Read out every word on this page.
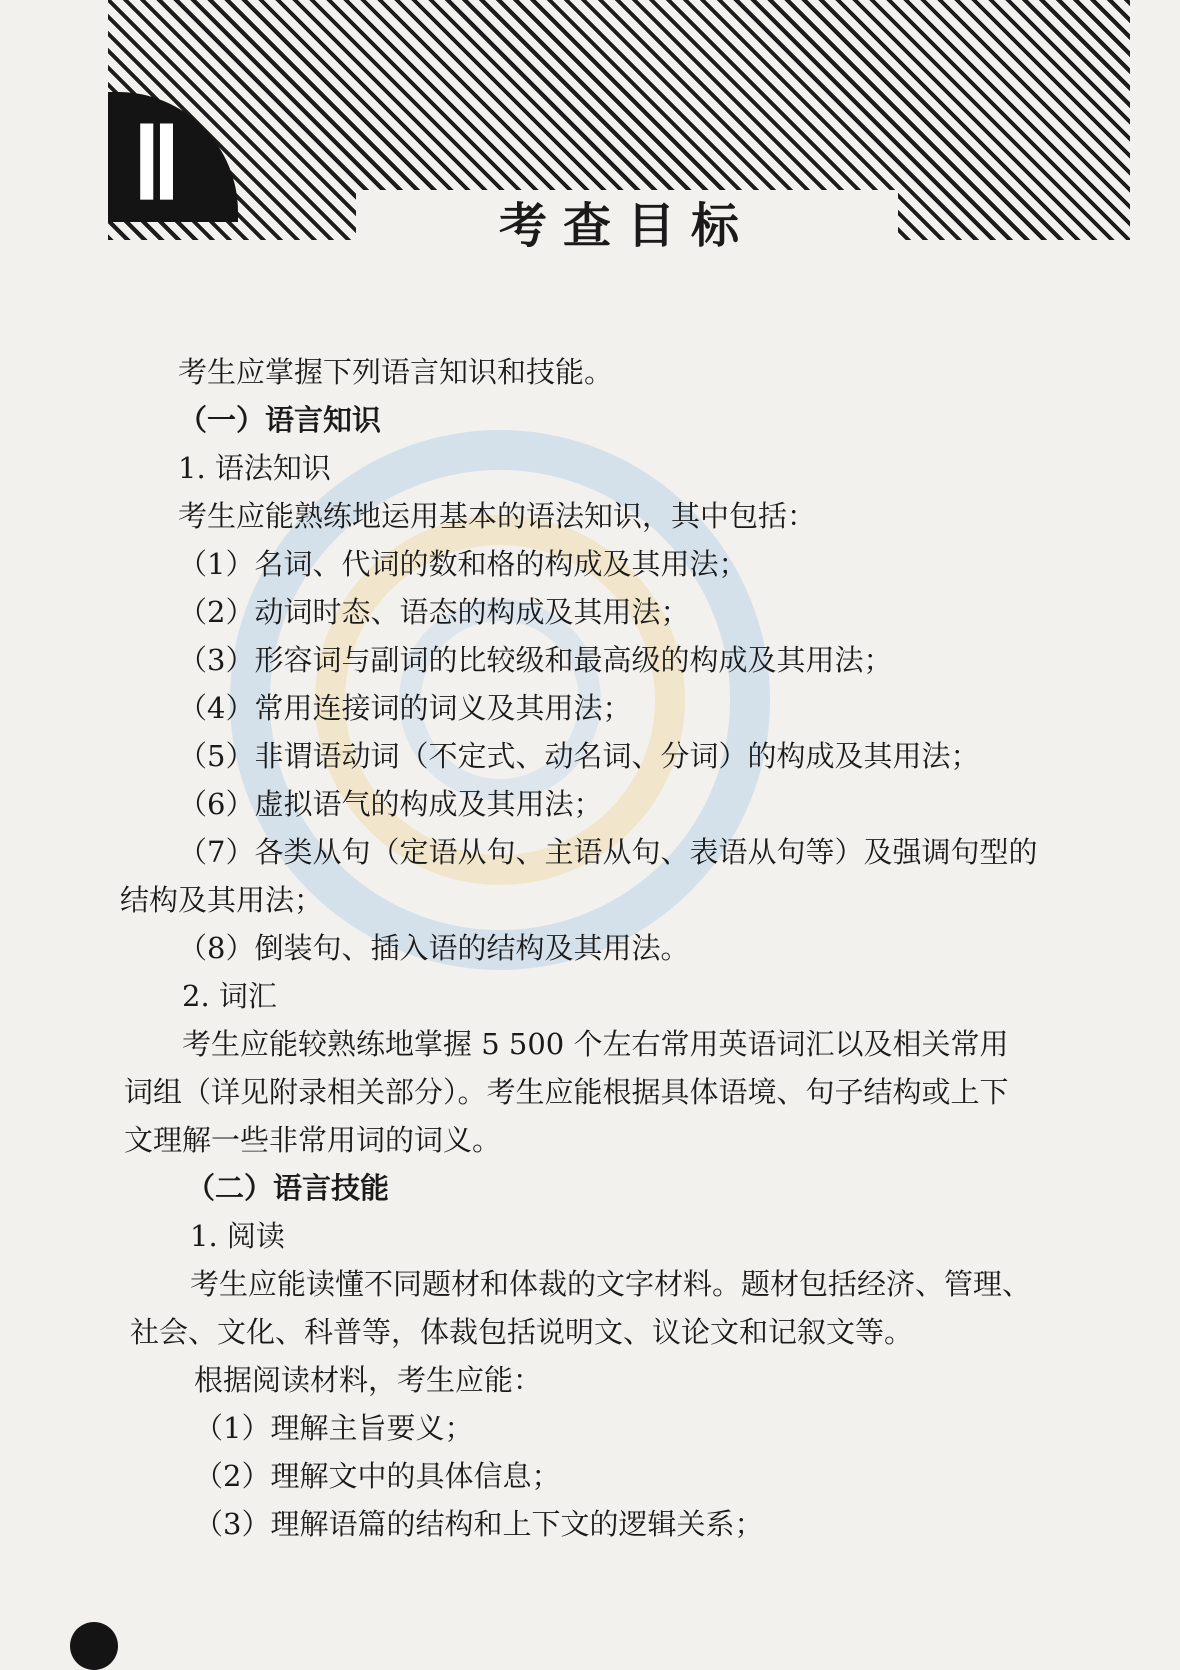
Ⅱ
考查目标
考生应掌握下列语言知识和技能。
（一）语言知识
1. 语法知识
考生应能熟练地运用基本的语法知识，其中包括：
（1）名词、代词的数和格的构成及其用法；
（2）动词时态、语态的构成及其用法；
（3）形容词与副词的比较级和最高级的构成及其用法；
（4）常用连接词的词义及其用法；
（5）非谓语动词（不定式、动名词、分词）的构成及其用法；
（6）虚拟语气的构成及其用法；
（7）各类从句（定语从句、主语从句、表语从句等）及强调句型的
结构及其用法；
（8）倒装句、插入语的结构及其用法。
2. 词汇
考生应能较熟练地掌握 5 500 个左右常用英语词汇以及相关常用
词组（详见附录相关部分）。考生应能根据具体语境、句子结构或上下
文理解一些非常用词的词义。
（二）语言技能
1. 阅读
考生应能读懂不同题材和体裁的文字材料。题材包括经济、管理、
社会、文化、科普等，体裁包括说明文、议论文和记叙文等。
根据阅读材料，考生应能：
（1）理解主旨要义；
（2）理解文中的具体信息；
（3）理解语篇的结构和上下文的逻辑关系；
